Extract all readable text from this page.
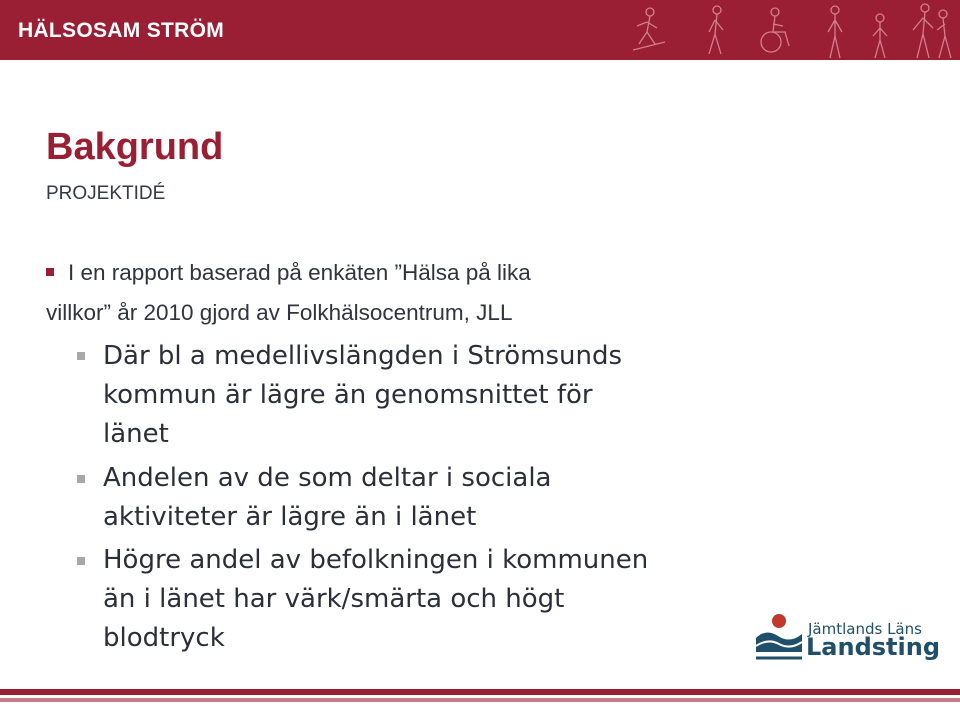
HÄLSOSAM STRÖM
Bakgrund
PROJEKTIDÉ
I en rapport baserad på enkäten ”Hälsa på lika
villkor” år 2010 gjord av Folkhälsocentrum, JLL
Där bl a medellivslängden i Strömsunds
kommun är lägre än genomsnittet för
länet
Andelen av de som deltar i sociala
aktiviteter är lägre än i länet
Högre andel av befolkningen i kommunen
än i länet har värk/smärta och högt
blodtryck	Jämtlands Läns
Landsting
